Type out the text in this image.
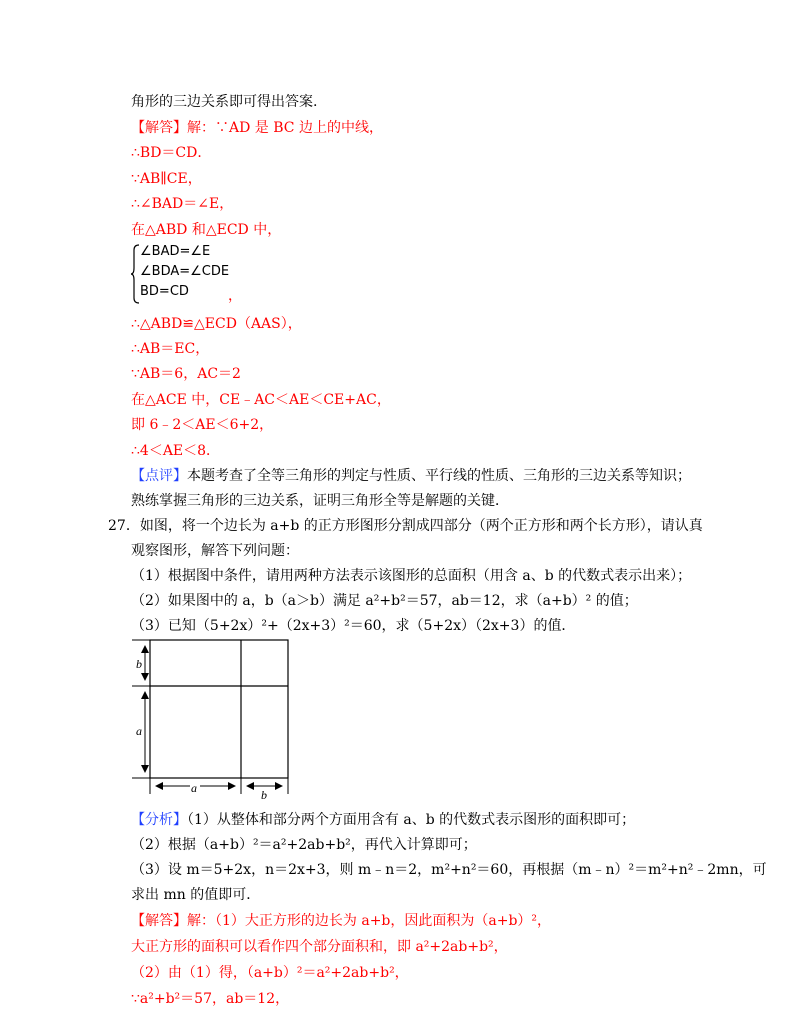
角形的三边关系即可得出答案.
【解答】解：∵AD 是 BC 边上的中线，
∴BD＝CD．
∵AB∥CE，
∴∠BAD＝∠E，
在△ABD 和△ECD 中，
∠BAD=∠E
∠BDA=∠CDE
BD=CD	，
∴△ABD≌△ECD（AAS），
∴AB＝EC，
∵AB＝6，AC＝2
在△ACE 中，CE﹣AC＜AE＜CE+AC，
即 6﹣2＜AE＜6+2，
∴4＜AE＜8．
【点评】本题考查了全等三角形的判定与性质、平行线的性质、三角形的三边关系等知识；
熟练掌握三角形的三边关系，证明三角形全等是解题的关键．
27．如图，将一个边长为 a+b 的正方形图形分割成四部分（两个正方形和两个长方形），请认真
观察图形，解答下列问题：
（1）根据图中条件，请用两种方法表示该图形的总面积（用含 a、b 的代数式表示出来）；
（2）如果图中的 a，b（a＞b）满足 a²+b²＝57，ab＝12，求（a+b）² 的值；
（3）已知（5+2x）²+（2x+3）²＝60，求（5+2x）（2x+3）的值．
b
a
a	b
【分析】（1）从整体和部分两个方面用含有 a、b 的代数式表示图形的面积即可；
（2）根据（a+b）²＝a²+2ab+b²，再代入计算即可；
（3）设 m＝5+2x，n＝2x+3，则 m﹣n＝2，m²+n²＝60，再根据（m﹣n）²＝m²+n²﹣2mn，可
求出 mn 的值即可．
【解答】解：（1）大正方形的边长为 a+b，因此面积为（a+b）²，
大正方形的面积可以看作四个部分面积和，即 a²+2ab+b²，
（2）由（1）得，（a+b）²＝a²+2ab+b²，
∵a²+b²＝57，ab＝12，
